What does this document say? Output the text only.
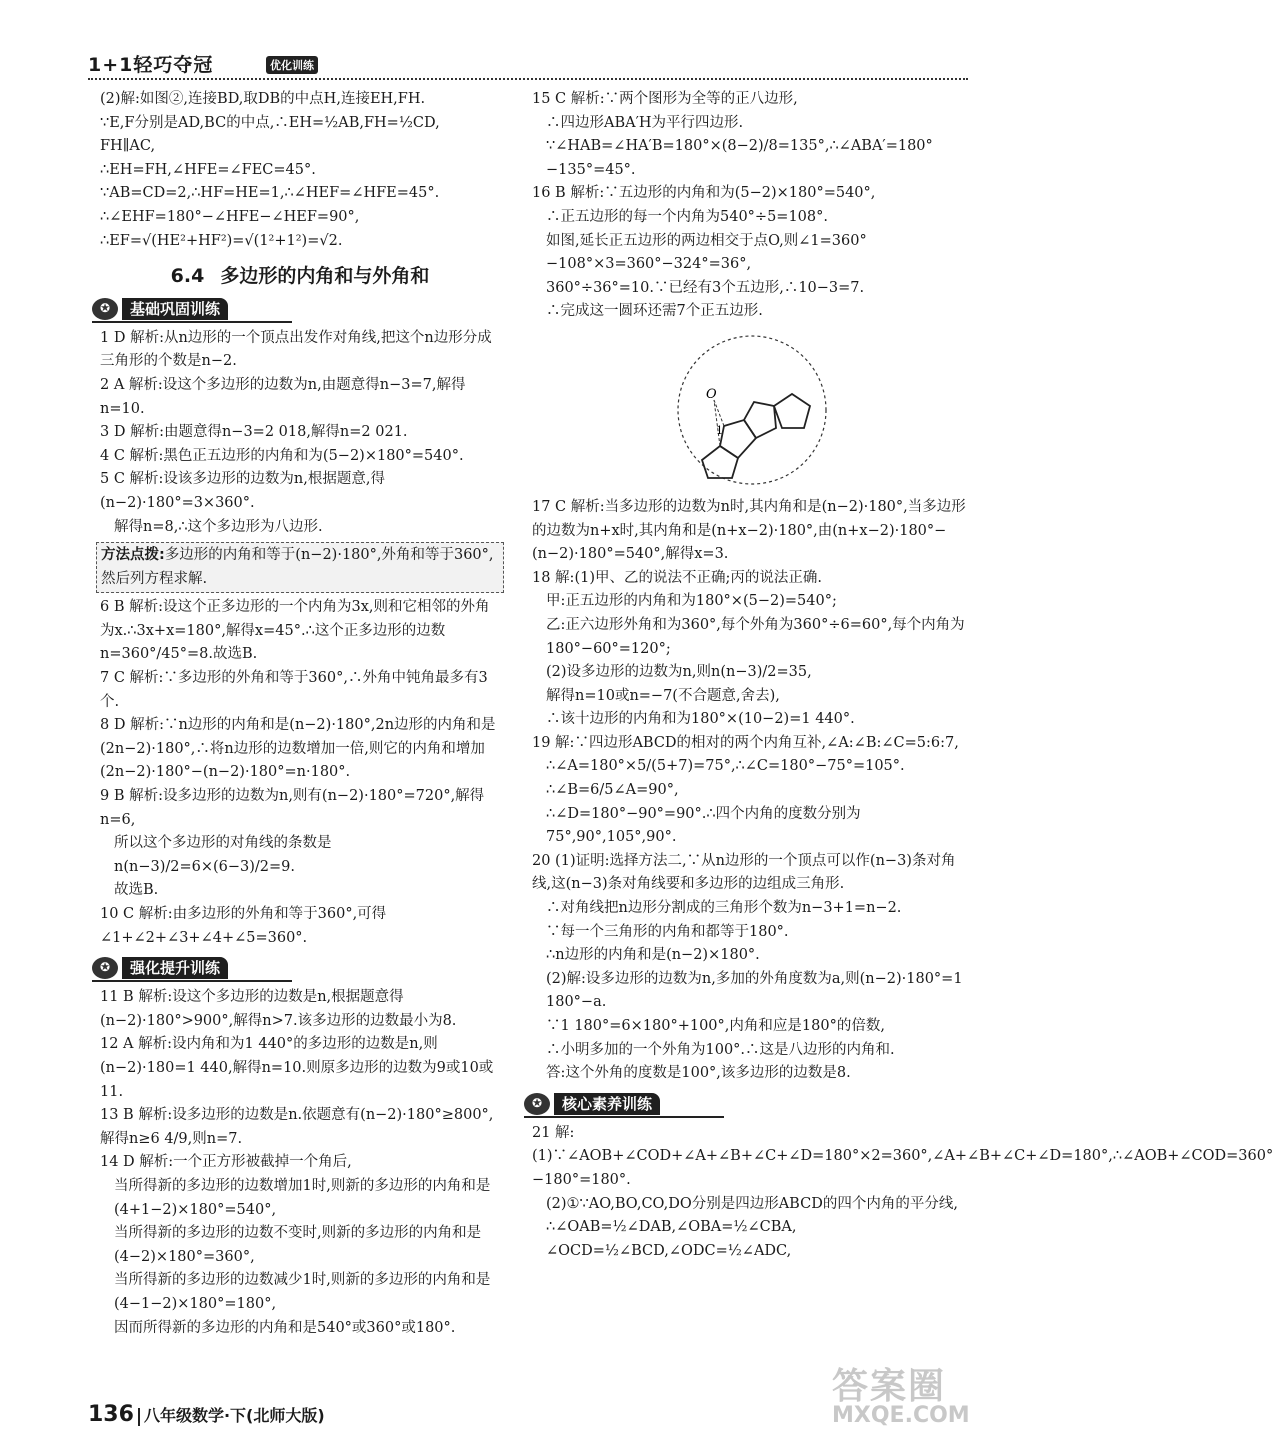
1+1轻巧夺冠	优化训练

(2)解:如图②,连接BD,取DB的中点H,连接EH,FH.

∵E,F分别是AD,BC的中点,∴EH=½AB,FH=½CD,

FH∥AC,

∴EH=FH,∠HFE=∠FEC=45°.

∵AB=CD=2,∴HF=HE=1,∴∠HEF=∠HFE=45°.

∴∠EHF=180°−∠HFE−∠HEF=90°,

∴EF=√(HE²+HF²)=√(1²+1²)=√2.

6.4 多边形的内角和与外角和
✪	基础巩固训练

1 D 解析:从n边形的一个顶点出发作对角线,把这个n边形分成三角形的个数是n−2.

2 A 解析:设这个多边形的边数为n,由题意得n−3=7,解得n=10.

3 D 解析:由题意得n−3=2 018,解得n=2 021.

4 C 解析:黑色正五边形的内角和为(5−2)×180°=540°.

5 C 解析:设该多边形的边数为n,根据题意,得(n−2)·180°=3×360°.

解得n=8,∴这个多边形为八边形.

方法点拨:多边形的内角和等于(n−2)·180°,外角和等于360°,然后列方程求解.

6 B 解析:设这个正多边形的一个内角为3x,则和它相邻的外角为x.∴3x+x=180°,解得x=45°.∴这个正多边形的边数n=360°/45°=8.故选B.

7 C 解析:∵多边形的外角和等于360°,∴外角中钝角最多有3个.

8 D 解析:∵n边形的内角和是(n−2)·180°,2n边形的内角和是(2n−2)·180°,∴将n边形的边数增加一倍,则它的内角和增加(2n−2)·180°−(n−2)·180°=n·180°.

9 B 解析:设多边形的边数为n,则有(n−2)·180°=720°,解得n=6,

所以这个多边形的对角线的条数是n(n−3)/2=6×(6−3)/2=9.

故选B.

10 C 解析:由多边形的外角和等于360°,可得∠1+∠2+∠3+∠4+∠5=360°.

✪	强化提升训练

11 B 解析:设这个多边形的边数是n,根据题意得(n−2)·180°>900°,解得n>7.该多边形的边数最小为8.

12 A 解析:设内角和为1 440°的多边形的边数是n,则(n−2)·180=1 440,解得n=10.则原多边形的边数为9或10或11.

13 B 解析:设多边形的边数是n.依题意有(n−2)·180°≥800°,解得n≥6 4/9,则n=7.

14 D 解析:一个正方形被截掉一个角后,

当所得新的多边形的边数增加1时,则新的多边形的内角和是(4+1−2)×180°=540°,

当所得新的多边形的边数不变时,则新的多边形的内角和是(4−2)×180°=360°,

当所得新的多边形的边数减少1时,则新的多边形的内角和是(4−1−2)×180°=180°,

因而所得新的多边形的内角和是540°或360°或180°.

15 C 解析:∵两个图形为全等的正八边形,

∴四边形ABA′H为平行四边形.

∵∠HAB=∠HA′B=180°×(8−2)/8=135°,∴∠ABA′=180°−135°=45°.

16 B 解析:∵五边形的内角和为(5−2)×180°=540°,

∴正五边形的每一个内角为540°÷5=108°.

如图,延长正五边形的两边相交于点O,则∠1=360°−108°×3=360°−324°=36°,

360°÷36°=10.∵已经有3个五边形,∴10−3=7.

∴完成这一圆环还需7个正五边形.

O
1

17 C 解析:当多边形的边数为n时,其内角和是(n−2)·180°,当多边形的边数为n+x时,其内角和是(n+x−2)·180°,由(n+x−2)·180°−(n−2)·180°=540°,解得x=3.

18 解:(1)甲、乙的说法不正确;丙的说法正确.

甲:正五边形的内角和为180°×(5−2)=540°;

乙:正六边形外角和为360°,每个外角为360°÷6=60°,每个内角为180°−60°=120°;

(2)设多边形的边数为n,则n(n−3)/2=35,

解得n=10或n=−7(不合题意,舍去),

∴该十边形的内角和为180°×(10−2)=1 440°.

19 解:∵四边形ABCD的相对的两个内角互补,∠A:∠B:∠C=5:6:7,

∴∠A=180°×5/(5+7)=75°,∴∠C=180°−75°=105°.

∴∠B=6/5∠A=90°,

∴∠D=180°−90°=90°.∴四个内角的度数分别为75°,90°,105°,90°.

20 (1)证明:选择方法二,∵从n边形的一个顶点可以作(n−3)条对角线,这(n−3)条对角线要和多边形的边组成三角形.

∴对角线把n边形分割成的三角形个数为n−3+1=n−2.

∵每一个三角形的内角和都等于180°.

∴n边形的内角和是(n−2)×180°.

(2)解:设多边形的边数为n,多加的外角度数为a,则(n−2)·180°=1 180°−a.

∵1 180°=6×180°+100°,内角和应是180°的倍数,

∴小明多加的一个外角为100°.∴这是八边形的内角和.

答:这个外角的度数是100°,该多边形的边数是8.

✪	核心素养训练

21 解:(1)∵∠AOB+∠COD+∠A+∠B+∠C+∠D=180°×2=360°,∠A+∠B+∠C+∠D=180°,∴∠AOB+∠COD=360°−180°=180°.

(2)①∵AO,BO,CO,DO分别是四边形ABCD的四个内角的平分线,

∴∠OAB=½∠DAB,∠OBA=½∠CBA,

∠OCD=½∠BCD,∠ODC=½∠ADC,

136 八年级数学·下(北师大版)
答案圈
MXQE.COM
